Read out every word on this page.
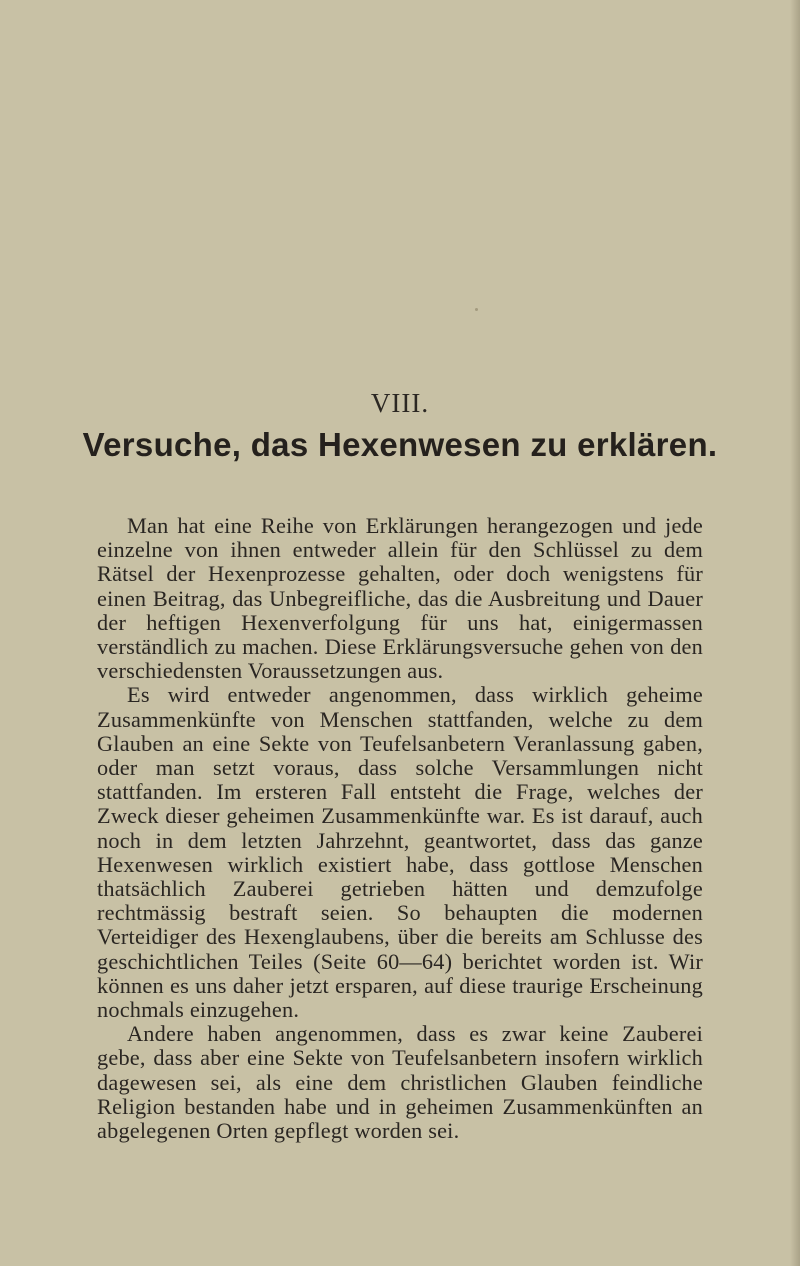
VIII.
Versuche, das Hexenwesen zu erklären.

Man hat eine Reihe von Erklärungen herangezogen und jede einzelne von ihnen entweder allein für den Schlüssel zu dem Rätsel der Hexenprozesse gehalten, oder doch wenigstens für einen Beitrag, das Unbegreifliche, das die Ausbreitung und Dauer der heftigen Hexenverfolgung für uns hat, einigermassen verständlich zu machen. Diese Erklärungsversuche gehen von den verschiedensten Voraussetzungen aus.

Es wird entweder angenommen, dass wirklich geheime Zusammenkünfte von Menschen stattfanden, welche zu dem Glauben an eine Sekte von Teufelsanbetern Veranlassung gaben, oder man setzt voraus, dass solche Versammlungen nicht stattfanden. Im ersteren Fall entsteht die Frage, welches der Zweck dieser geheimen Zusammenkünfte war. Es ist darauf, auch noch in dem letzten Jahrzehnt, geantwortet, dass das ganze Hexenwesen wirklich existiert habe, dass gottlose Menschen thatsächlich Zauberei getrieben hätten und demzufolge rechtmässig bestraft seien. So behaupten die modernen Verteidiger des Hexenglaubens, über die bereits am Schlusse des geschichtlichen Teiles (Seite 60—64) berichtet worden ist. Wir können es uns daher jetzt ersparen, auf diese traurige Erscheinung nochmals einzugehen.

Andere haben angenommen, dass es zwar keine Zauberei gebe, dass aber eine Sekte von Teufelsanbetern insofern wirklich dagewesen sei, als eine dem christlichen Glauben feindliche Religion bestanden habe und in geheimen Zusammenkünften an abgelegenen Orten gepflegt worden sei.
